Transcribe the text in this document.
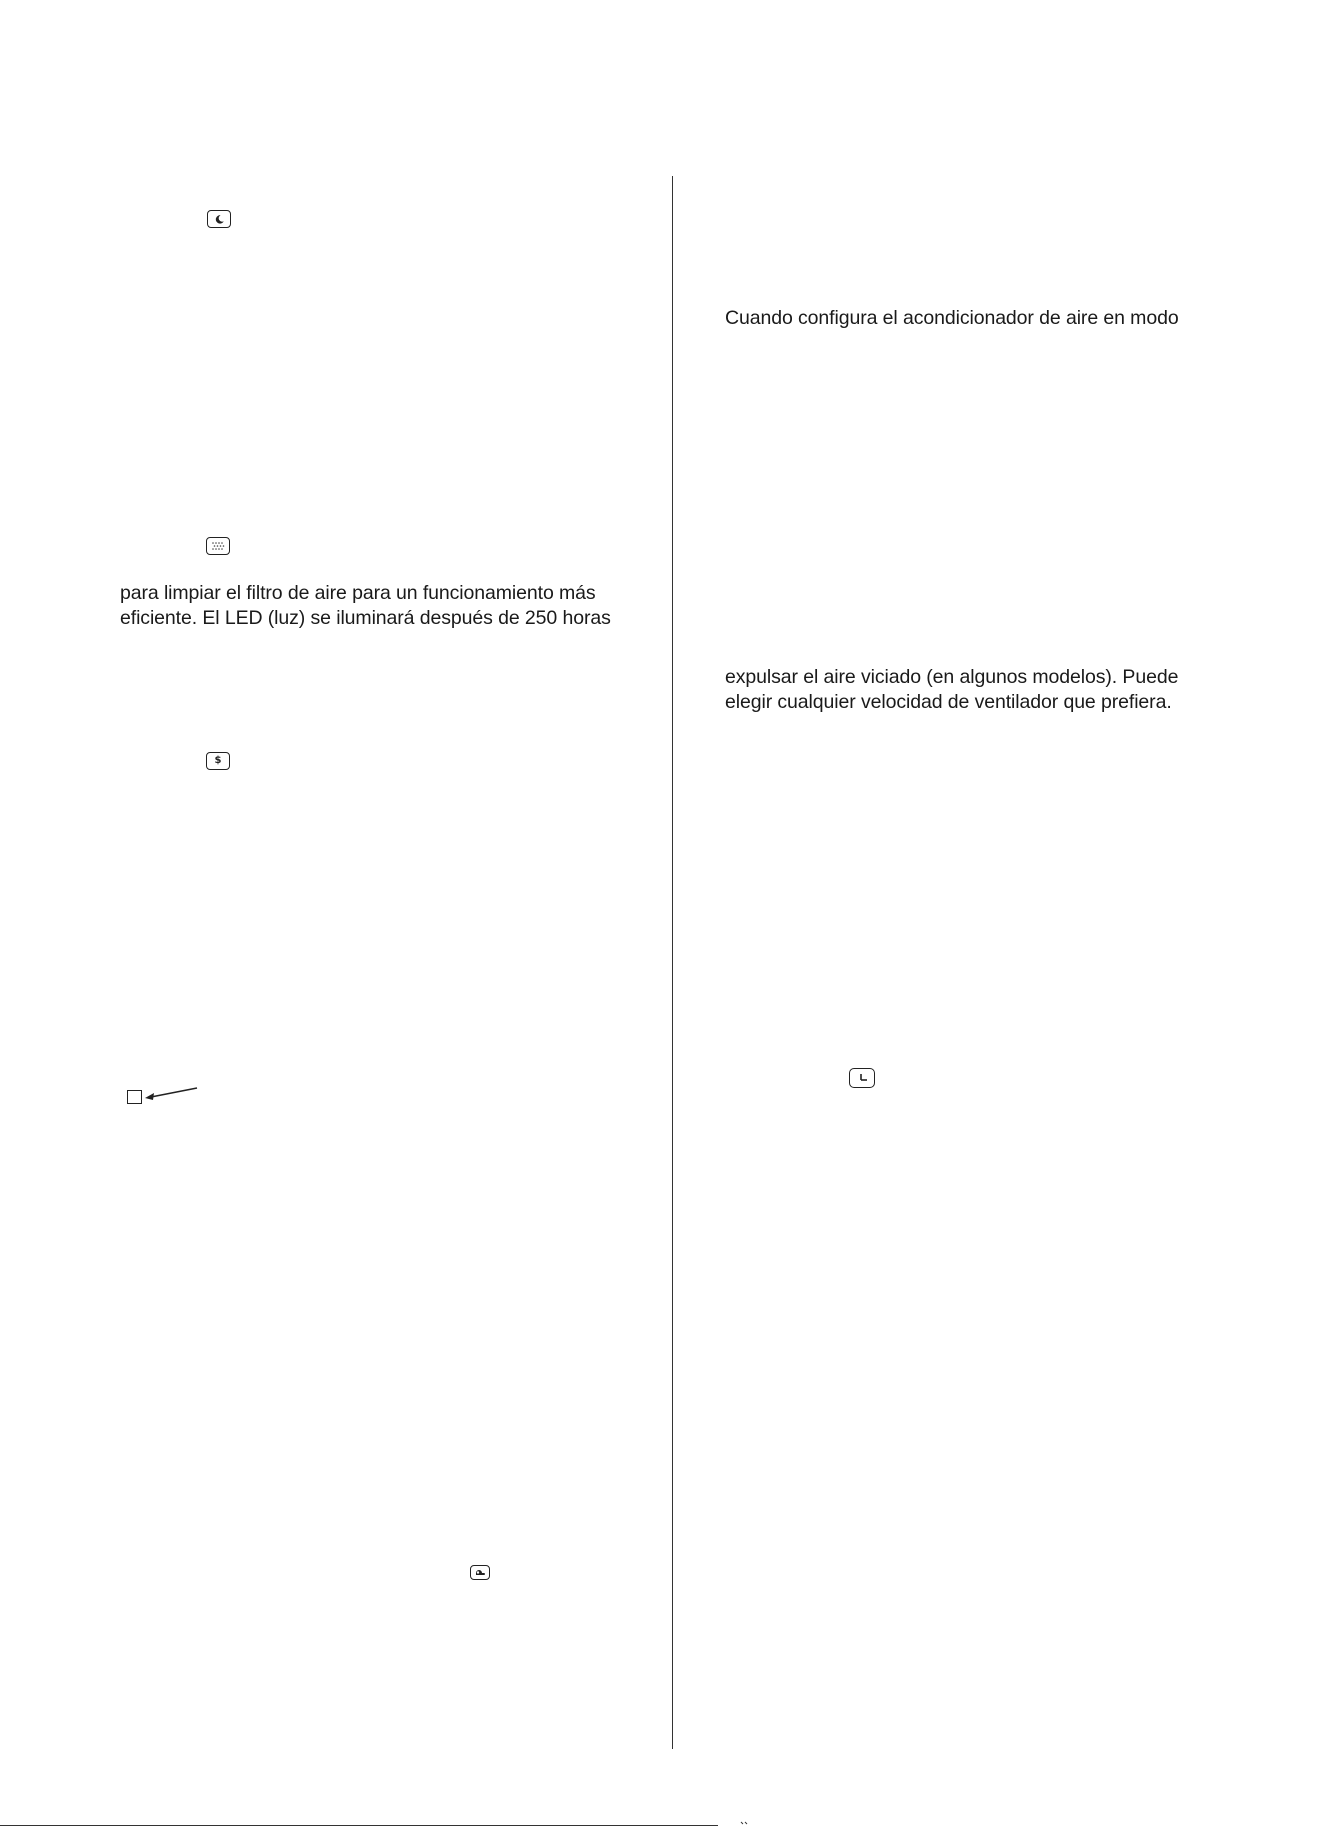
para limpiar el filtro de aire para un funcionamiento más

eficiente. El LED (luz) se iluminará después de 250 horas

$

Cuando configura el acondicionador de aire en modo

expulsar el aire viciado (en algunos modelos). Puede

elegir cualquier velocidad de ventilador que prefiera.
